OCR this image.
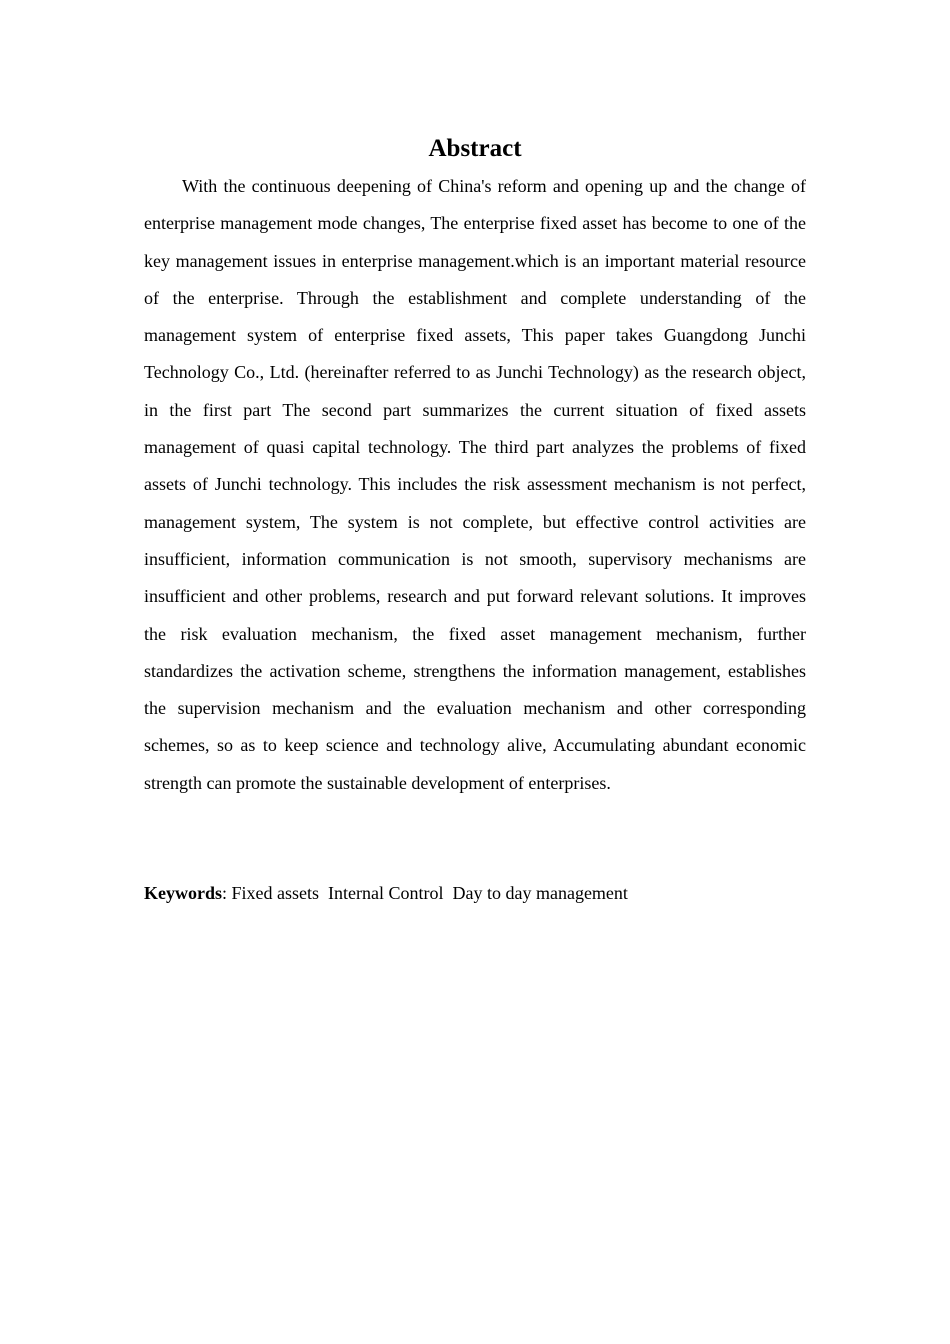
Abstract

With the continuous deepening of China's reform and opening up and the change of enterprise management mode changes, The enterprise fixed asset has become to one of the key management issues in enterprise management.which is an important material resource of the enterprise. Through the establishment and complete understanding of the management system of enterprise fixed assets, This paper takes Guangdong Junchi Technology Co., Ltd. (hereinafter referred to as Junchi Technology) as the research object, in the first part The second part summarizes the current situation of fixed assets management of quasi capital technology. The third part analyzes the problems of fixed assets of Junchi technology. This includes the risk assessment mechanism is not perfect, management system, The system is not complete, but effective control activities are insufficient, information communication is not smooth, supervisory mechanisms are insufficient and other problems, research and put forward relevant solutions. It improves the risk evaluation mechanism, the fixed asset management mechanism, further standardizes the activation scheme, strengthens the information management, establishes the supervision mechanism and the evaluation mechanism and other corresponding schemes, so as to keep science and technology alive, Accumulating abundant economic strength can promote the sustainable development of enterprises.

Keywords: Fixed assets  Internal Control  Day to day management
